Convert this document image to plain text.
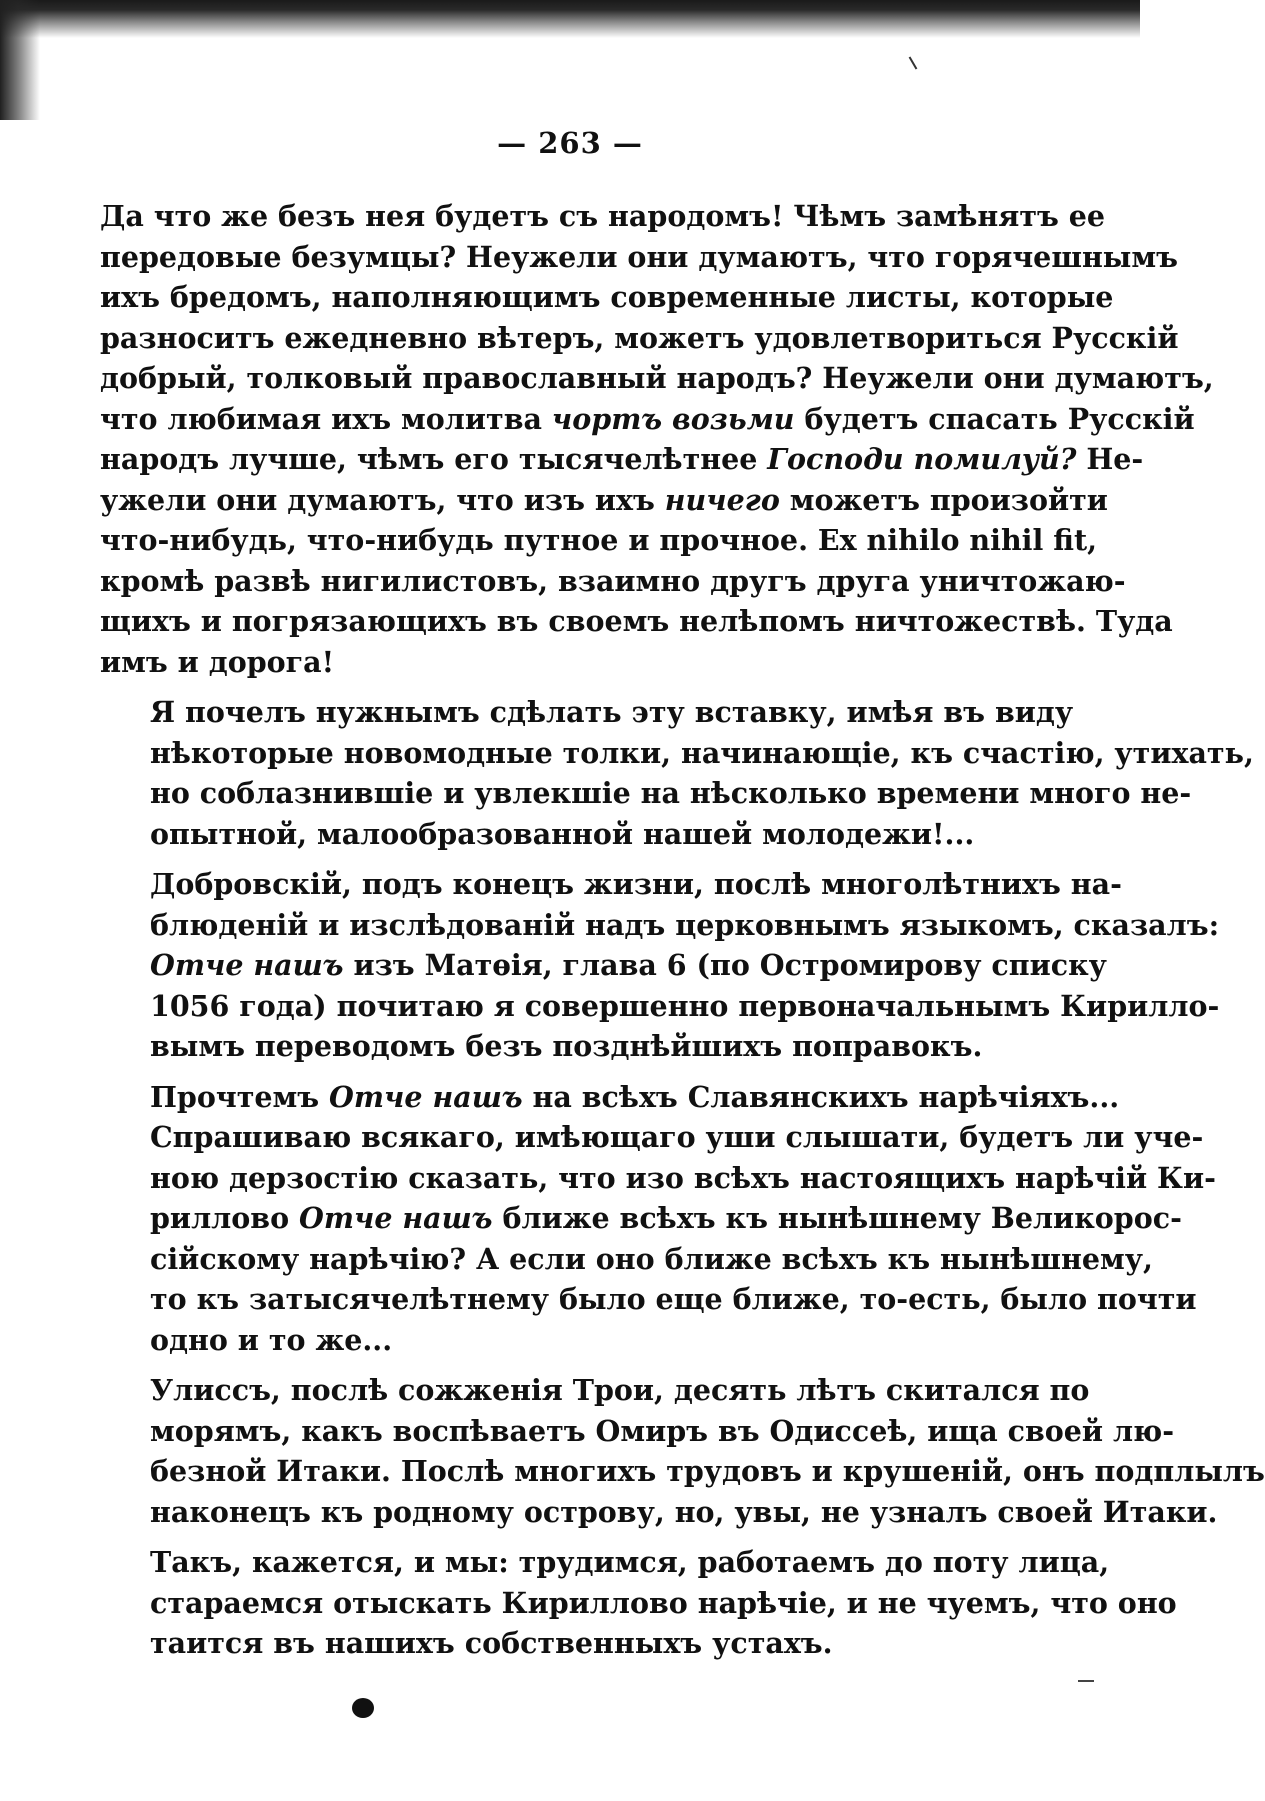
— 263 —

Да что же безъ нея будетъ съ народомъ! Чѣмъ замѣнятъ ее
передовые безумцы? Неужели они думаютъ, что горячешнымъ
ихъ бредомъ, наполняющимъ современные листы, которые
разноситъ ежедневно вѣтеръ, можетъ удовлетвориться Русскій
добрый, толковый православный народъ? Неужели они думаютъ,
что любимая ихъ молитва чортъ возьми будетъ спасать Русскій
народъ лучше, чѣмъ его тысячелѣтнее Господи помилуй? Не-
ужели они думаютъ, что изъ ихъ ничего можетъ произойти
что-нибудь, что-нибудь путное и прочное. Ex nihilo nihil fit,
кромѣ развѣ нигилистовъ, взаимно другъ друга уничтожаю-
щихъ и погрязающихъ въ своемъ нелѣпомъ ничтожествѣ. Туда
имъ и дорога!

Я почелъ нужнымъ сдѣлать эту вставку, имѣя въ виду
нѣкоторые новомодные толки, начинающіе, къ счастію, утихать,
но соблазнившіе и увлекшіе на нѣсколько времени много не-
опытной, малообразованной нашей молодежи!...

Добровскій, подъ конецъ жизни, послѣ многолѣтнихъ на-
блюденій и изслѣдованій надъ церковнымъ языкомъ, сказалъ:
Отче нашъ изъ Матѳія, глава 6 (по Остромирову списку
1056 года) почитаю я совершенно первоначальнымъ Кирилло-
вымъ переводомъ безъ позднѣйшихъ поправокъ.

Прочтемъ Отче нашъ на всѣхъ Славянскихъ нарѣчіяхъ...
Спрашиваю всякаго, имѣющаго уши слышати, будетъ ли уче-
ною дерзостію сказать, что изо всѣхъ настоящихъ нарѣчій Ки-
риллово Отче нашъ ближе всѣхъ къ нынѣшнему Великорос-
сійскому нарѣчію? А если оно ближе всѣхъ къ нынѣшнему,
то къ затысячелѣтнему было еще ближе, то-есть, было почти
одно и то же...

Улиссъ, послѣ сожженія Трои, десять лѣтъ скитался по
морямъ, какъ воспѣваетъ Омиръ въ Одиссеѣ, ища своей лю-
безной Итаки. Послѣ многихъ трудовъ и крушеній, онъ подплылъ
наконецъ къ родному острову, но, увы, не узналъ своей Итаки.

Такъ, кажется, и мы: трудимся, работаемъ до поту лица,
стараемся отыскать Кириллово нарѣчіе, и не чуемъ, что оно
таится въ нашихъ собственныхъ устахъ.
